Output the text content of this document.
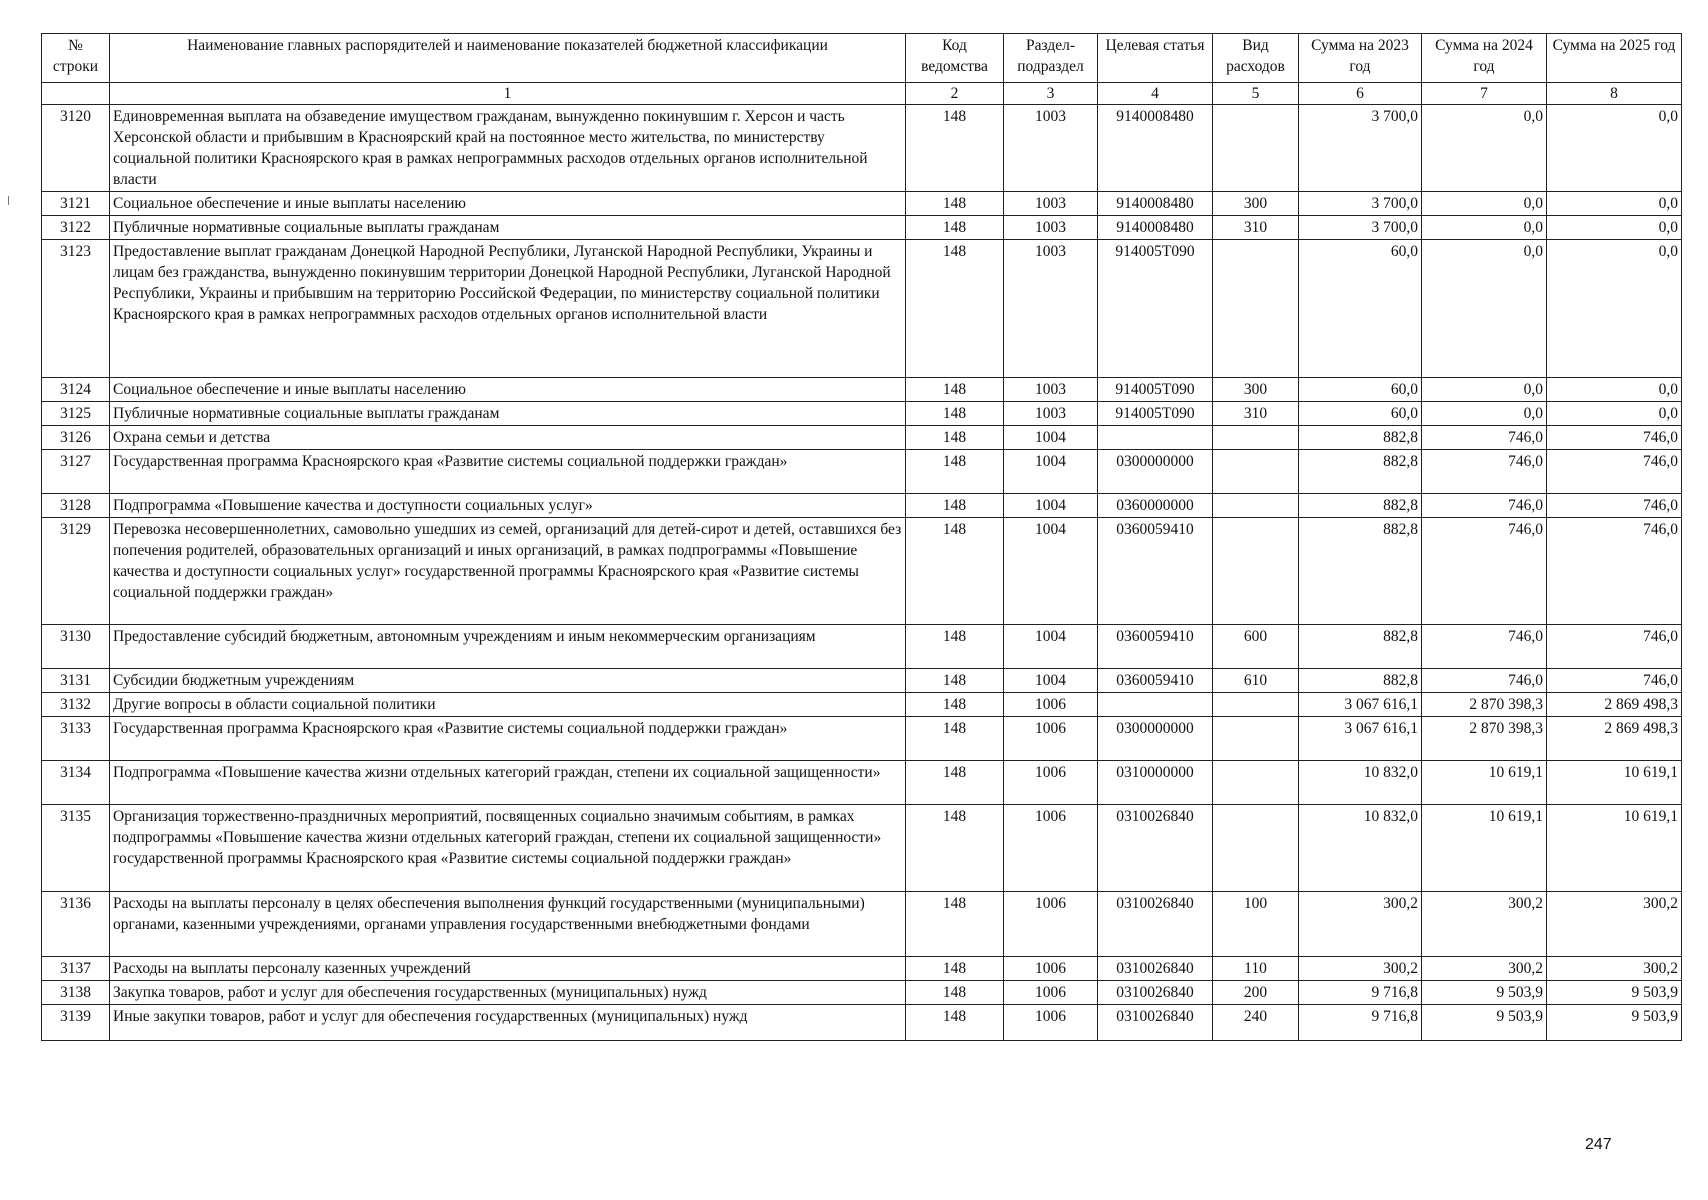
№ строки	Наименование главных распорядителей и наименование показателей бюджетной классификации	Код ведомства	Раздел-подраздел	Целевая статья	Вид расходов	Сумма на 2023 год	Сумма на 2024 год	Сумма на 2025 год
	1	2	3	4	5	6	7	8
3120	Единовременная выплата на обзаведение имуществом гражданам, вынужденно покинувшим г. Херсон и часть Херсонской области и прибывшим в Красноярский край на постоянное место жительства, по министерству социальной политики Красноярского края в рамках непрограммных расходов отдельных органов исполнительной власти	148	1003	9140008480		3 700,0	0,0	0,0
3121	Социальное обеспечение и иные выплаты населению	148	1003	9140008480	300	3 700,0	0,0	0,0
3122	Публичные нормативные социальные выплаты гражданам	148	1003	9140008480	310	3 700,0	0,0	0,0
3123	Предоставление выплат гражданам Донецкой Народной Республики, Луганской Народной Республики, Украины и лицам без гражданства, вынужденно покинувшим территории Донецкой Народной Республики, Луганской Народной Республики, Украины и прибывшим на территорию Российской Федерации, по министерству социальной политики Красноярского края в рамках непрограммных расходов отдельных органов исполнительной власти	148	1003	914005Т090		60,0	0,0	0,0
3124	Социальное обеспечение и иные выплаты населению	148	1003	914005Т090	300	60,0	0,0	0,0
3125	Публичные нормативные социальные выплаты гражданам	148	1003	914005Т090	310	60,0	0,0	0,0
3126	Охрана семьи и детства	148	1004			882,8	746,0	746,0
3127	Государственная программа Красноярского края «Развитие системы социальной поддержки граждан»	148	1004	0300000000		882,8	746,0	746,0
3128	Подпрограмма «Повышение качества и доступности социальных услуг»	148	1004	0360000000		882,8	746,0	746,0
3129	Перевозка несовершеннолетних, самовольно ушедших из семей, организаций для детей-сирот и детей, оставшихся без попечения родителей, образовательных организаций и иных организаций, в рамках подпрограммы «Повышение качества и доступности социальных услуг» государственной программы Красноярского края «Развитие системы социальной поддержки граждан»	148	1004	0360059410		882,8	746,0	746,0
3130	Предоставление субсидий бюджетным, автономным учреждениям и иным некоммерческим организациям	148	1004	0360059410	600	882,8	746,0	746,0
3131	Субсидии бюджетным учреждениям	148	1004	0360059410	610	882,8	746,0	746,0
3132	Другие вопросы в области социальной политики	148	1006			3 067 616,1	2 870 398,3	2 869 498,3
3133	Государственная программа Красноярского края «Развитие системы социальной поддержки граждан»	148	1006	0300000000		3 067 616,1	2 870 398,3	2 869 498,3
3134	Подпрограмма «Повышение качества жизни отдельных категорий граждан, степени их социальной защищенности»	148	1006	0310000000		10 832,0	10 619,1	10 619,1
3135	Организация торжественно-праздничных мероприятий, посвященных социально значимым событиям, в рамках подпрограммы «Повышение качества жизни отдельных категорий граждан, степени их социальной защищенности» государственной программы Красноярского края «Развитие системы социальной поддержки граждан»	148	1006	0310026840		10 832,0	10 619,1	10 619,1
3136	Расходы на выплаты персоналу в целях обеспечения выполнения функций государственными (муниципальными) органами, казенными учреждениями, органами управления государственными внебюджетными фондами	148	1006	0310026840	100	300,2	300,2	300,2
3137	Расходы на выплаты персоналу казенных учреждений	148	1006	0310026840	110	300,2	300,2	300,2
3138	Закупка товаров, работ и услуг для обеспечения государственных (муниципальных) нужд	148	1006	0310026840	200	9 716,8	9 503,9	9 503,9
3139	Иные закупки товаров, работ и услуг для обеспечения государственных (муниципальных) нужд	148	1006	0310026840	240	9 716,8	9 503,9	9 503,9
247
